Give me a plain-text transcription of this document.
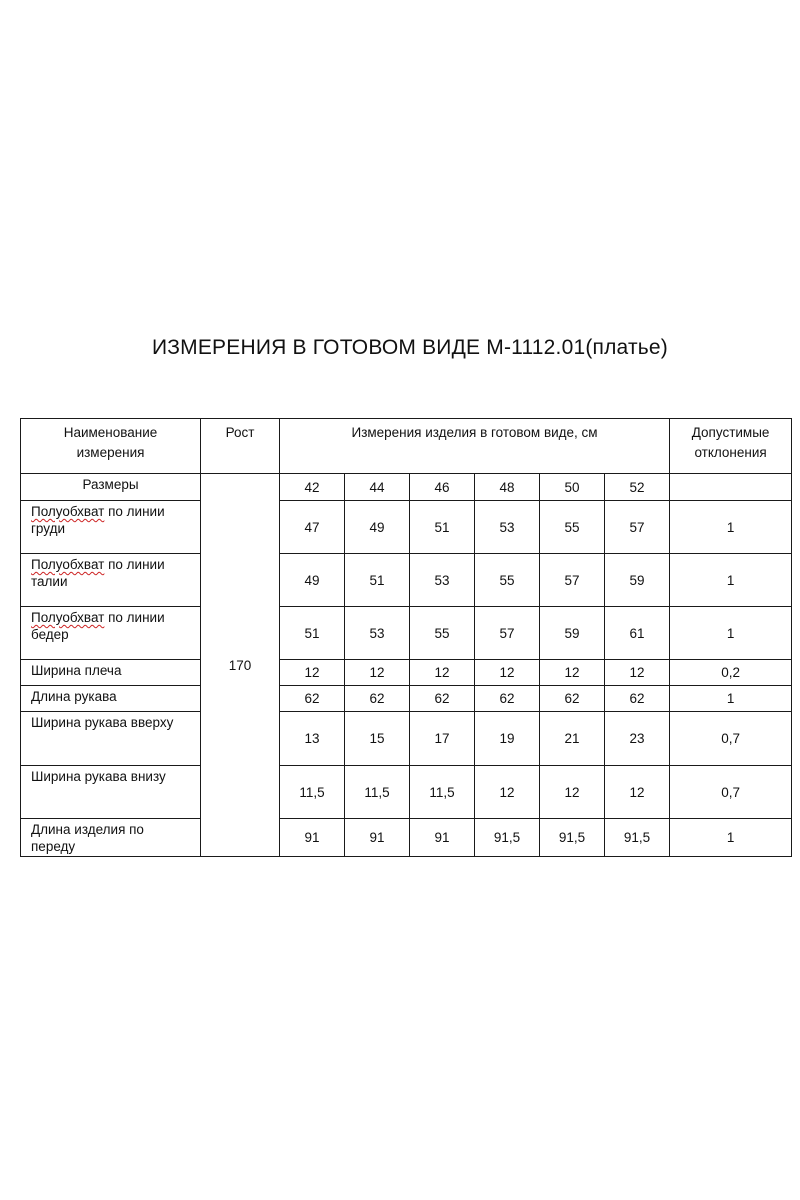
ИЗМЕРЕНИЯ В ГОТОВОМ ВИДЕ М-1112.01(платье)
Наименование
измерения	Рост	Измерения изделия в готовом виде, см						Допустимые
отклонения
Размеры	170	42	44	46	48	50	52	
Полуобхват по линии
груди		47	49	51	53	55	57	1
Полуобхват по линии
талии		49	51	53	55	57	59	1
Полуобхват по линии
бедер		51	53	55	57	59	61	1
Ширина плеча		12	12	12	12	12	12	0,2
Длина рукава		62	62	62	62	62	62	1
Ширина рукава вверху		13	15	17	19	21	23	0,7
Ширина рукава внизу		11,5	11,5	11,5	12	12	12	0,7
Длина изделия по
переду		91	91	91	91,5	91,5	91,5	1
